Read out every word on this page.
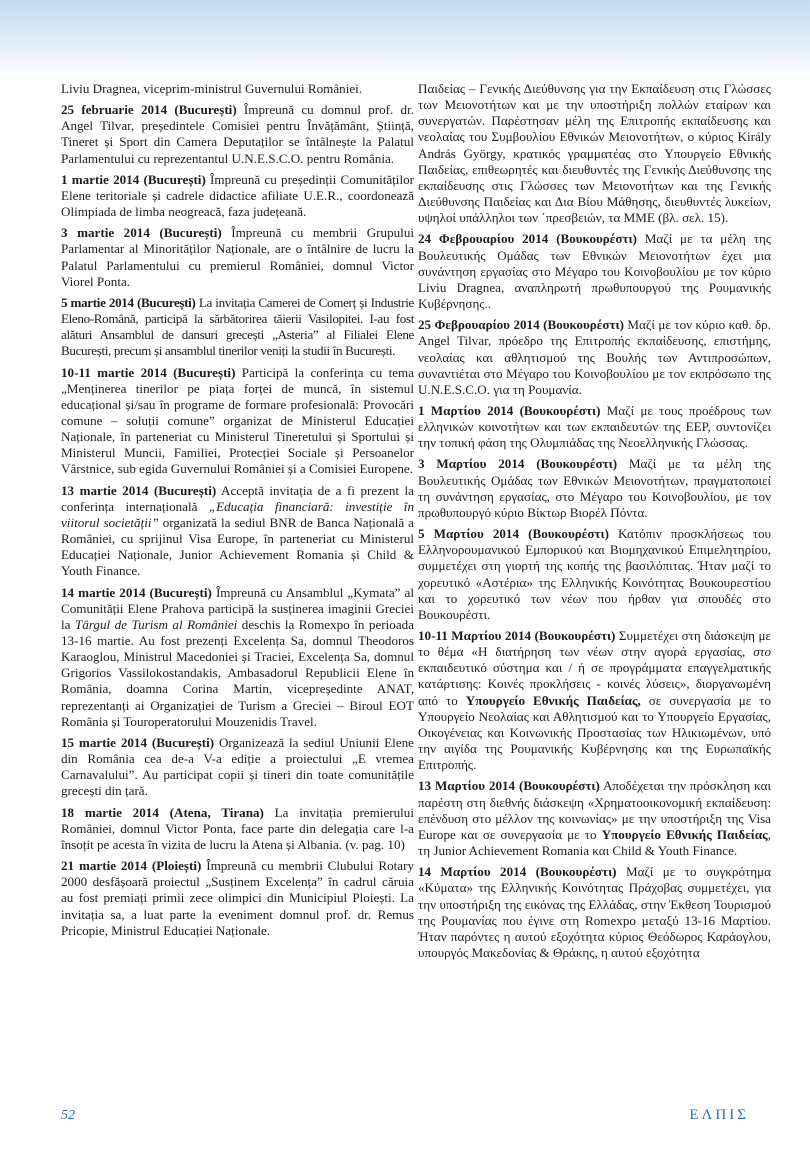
Liviu Dragnea, viceprim-ministrul Guvernului României.

25 februarie 2014 (București) Împreună cu domnul prof. dr. Angel Tilvar, președintele Comisiei pentru Învățământ, Știință, Tineret și Sport din Camera Deputaților se întâlnește la Palatul Parlamentului cu reprezentantul U.N.E.S.C.O. pentru România.

1 martie 2014 (București) Împreună cu președinții Comunităților Elene teritoriale și cadrele didactice afiliate U.E.R., coordonează Olimpiada de limba neogreacă, faza județeană.

3 martie 2014 (București) Împreună cu membrii Grupului Parlamentar al Minorităților Naționale, are o întâlnire de lucru la Palatul Parlamentului cu premierul României, domnul Victor Viorel Ponta.

5 martie 2014 (București) La invitația Camerei de Comerț și Industrie Eleno-Română, participă la sărbătorirea tăierii Vasilopitei. I-au fost alături Ansamblul de dansuri grecești „Asteria” al Filialei Elene București, precum și ansamblul tinerilor veniți la studii în București.

10-11 martie 2014 (București) Participă la conferința cu tema „Menținerea tinerilor pe piața forței de muncă, în sistemul educațional și/sau în programe de formare profesională: Provocări comune – soluții comune” organizat de Ministerul Educației Naționale, în parteneriat cu Ministerul Tineretului și Sportului și Ministerul Muncii, Familiei, Protecției Sociale și Persoanelor Vârstnice, sub egida Guvernului României și a Comisiei Europene.

13 martie 2014 (București) Acceptă invitația de a fi prezent la conferința internațională „Educația financiară: investiție în viitorul societății” organizată la sediul BNR de Banca Națională a României, cu sprijinul Visa Europe, în parteneriat cu Ministerul Educației Naționale, Junior Achievement Romania și Child & Youth Finance.

14 martie 2014 (București) Împreună cu Ansamblul „Kymata” al Comunității Elene Prahova participă la susținerea imaginii Greciei la Târgul de Turism al României deschis la Romexpo în perioada 13-16 martie. Au fost prezenți Excelența Sa, domnul Theodoros Karaoglou, Ministrul Macedoniei și Traciei, Excelența Sa, domnul Grigorios Vassilokostandakis, Ambasadorul Republicii Elene în România, doamna Corina Martin, vicepreședinte ANAT, reprezentanți ai Organizației de Turism a Greciei – Biroul EOT România și Touroperatorului Mouzenidis Travel.

15 martie 2014 (București) Organizează la sediul Uniunii Elene din România cea de-a V-a ediție a proiectului „E vremea Carnavalului”. Au participat copii și tineri din toate comunitățile grecești din țară.

18 martie 2014 (Atena, Tirana) La invitația premierului României, domnul Victor Ponta, face parte din delegația care l-a însoțit pe acesta în vizita de lucru la Atena și Albania. (v. pag. 10)

21 martie 2014 (Ploiești) Împreună cu membrii Clubului Rotary 2000 desfășoară proiectul „Susținem Excelența” în cadrul căruia au fost premiați primii zece olimpici din Municipiul Ploiești. La invitația sa, a luat parte la eveniment domnul prof. dr. Remus Pricopie, Ministrul Educației Naționale.

Παιδείας – Γενικής Διεύθυνσης για την Εκπαίδευση στις Γλώσσες των Μειονοτήτων και με την υποστήριξη πολλών εταίρων και συνεργατών. Παρέστησαν μέλη της Επιτροπής εκπαίδευσης και νεολαίας του Συμβουλίου Εθνικών Μειονοτήτων, ο κύριος Király András György, κρατικός γραμματέας στο Υπουργείο Εθνικής Παιδείας, επιθεωρητές και διευθυντές της Γενικής Διεύθυνσης της εκπαίδευσης στις Γλώσσες των Μειονοτήτων και της Γενικής Διεύθυνσης Παιδείας και Δια Βίου Μάθησης, διευθυντές λυκείων, υψηλοί υπάλληλοι των ΄πρεσβειών, τα ΜΜΕ (βλ. σελ. 15).

24 Φεβρουαρίου 2014 (Βουκουρέστι) Μαζί με τα μέλη της Βουλευτικής Ομάδας των Εθνικών Μειονοτήτων έχει μια συνάντηση εργασίας στο Μέγαρο του Κοινοβουλίου με τον κύριο Liviu Dragnea, αναπληρωτή πρωθυπουργού της Ρουμανικής Κυβέρνησης..

25 Φεβρουαρίου 2014 (Βουκουρέστι) Μαζί με τον κύριο καθ. δρ. Angel Tilvar, πρόεδρο της Επιτροπής εκπαίδευσης, επιστήμης, νεολαίας και αθλητισμού της Βουλής των Αντιπροσώπων, συναντιέται στο Μέγαρο του Κοινοβουλίου με τον εκπρόσωπο της U.N.E.S.C.O. για τη Ρουμανία.

1 Μαρτίου 2014 (Βουκουρέστι) Μαζί με τους προέδρους των ελληνικών κοινοτήτων και των εκπαιδευτών της ΕΕΡ, συντονίζει την τοπική φάση της Ολυμπιάδας της Νεοελληνικής Γλώσσας.

3 Μαρτίου 2014 (Βουκουρέστι) Μαζί με τα μέλη της Βουλευτικής Ομάδας των Εθνικών Μειονοτήτων, πραγματοποιεί τη συνάντηση εργασίας, στο Μέγαρο του Κοινοβουλίου, με τον πρωθυπουργό κύριο Βίκτωρ Βιορέλ Πόντα.

5 Μαρτίου 2014 (Βουκουρέστι) Κατόπιν προσκλήσεως του Ελληνορουμανικού Εμπορικού και Βιομηχανικού Επιμελητηρίου, συμμετέχει στη γιορτή της κοπής της βασιλόπιτας. Ήταν μαζί το χορευτικό «Αστέρια» της Ελληνικής Κοινότητας Βουκουρεστίου και το χορευτικό των νέων που ήρθαν για σπουδές στο Βουκουρέστι.

10-11 Μαρτίου 2014 (Βουκουρέστι) Συμμετέχει στη διάσκεψη με το θέμα «Η διατήρηση των νέων στην αγορά εργασίας, στο εκπαιδευτικό σύστημα και / ή σε προγράμματα επαγγελματικής κατάρτισης: Κοινές προκλήσεις - κοινές λύσεις», διοργανωμένη από το Υπουργείο Εθνικής Παιδείας, σε συνεργασία με το Υπουργείο Νεολαίας και Αθλητισμού και το Υπουργείο Εργασίας, Οικογένειας και Κοινωνικής Προστασίας των Ηλικιωμένων, υπό την αιγίδα της Ρουμανικής Κυβέρνησης και της Ευρωπαϊκής Επιτροπής.

13 Μαρτίου 2014 (Βουκουρέστι) Αποδέχεται την πρόσκληση και παρέστη στη διεθνής διάσκεψη «Χρηματοοικονομική εκπαίδευση: επένδυση στο μέλλον της κοινωνίας» με την υποστήριξη της Visa Europe και σε συνεργασία με το Υπουργείο Εθνικής Παιδείας, τη Junior Achievement Romania και Child & Youth Finance.

14 Μαρτίου 2014 (Βουκουρέστι) Μαζί με το συγκρότημα «Κύματα» της Ελληνικής Κοινότητας Πράχοβας συμμετέχει, για την υποστήριξη της εικόνας της Ελλάδας, στην Έκθεση Τουρισμού της Ρουμανίας που έγινε στη Romexpo μεταξύ 13-16 Μαρτίου. Ήταν παρόντες η αυτού εξοχότητα κύριος Θεόδωρος Καράογλου, υπουργός Μακεδονίας & Θράκης, η αυτού εξοχότητα

52	ΕΛΠΙΣ
